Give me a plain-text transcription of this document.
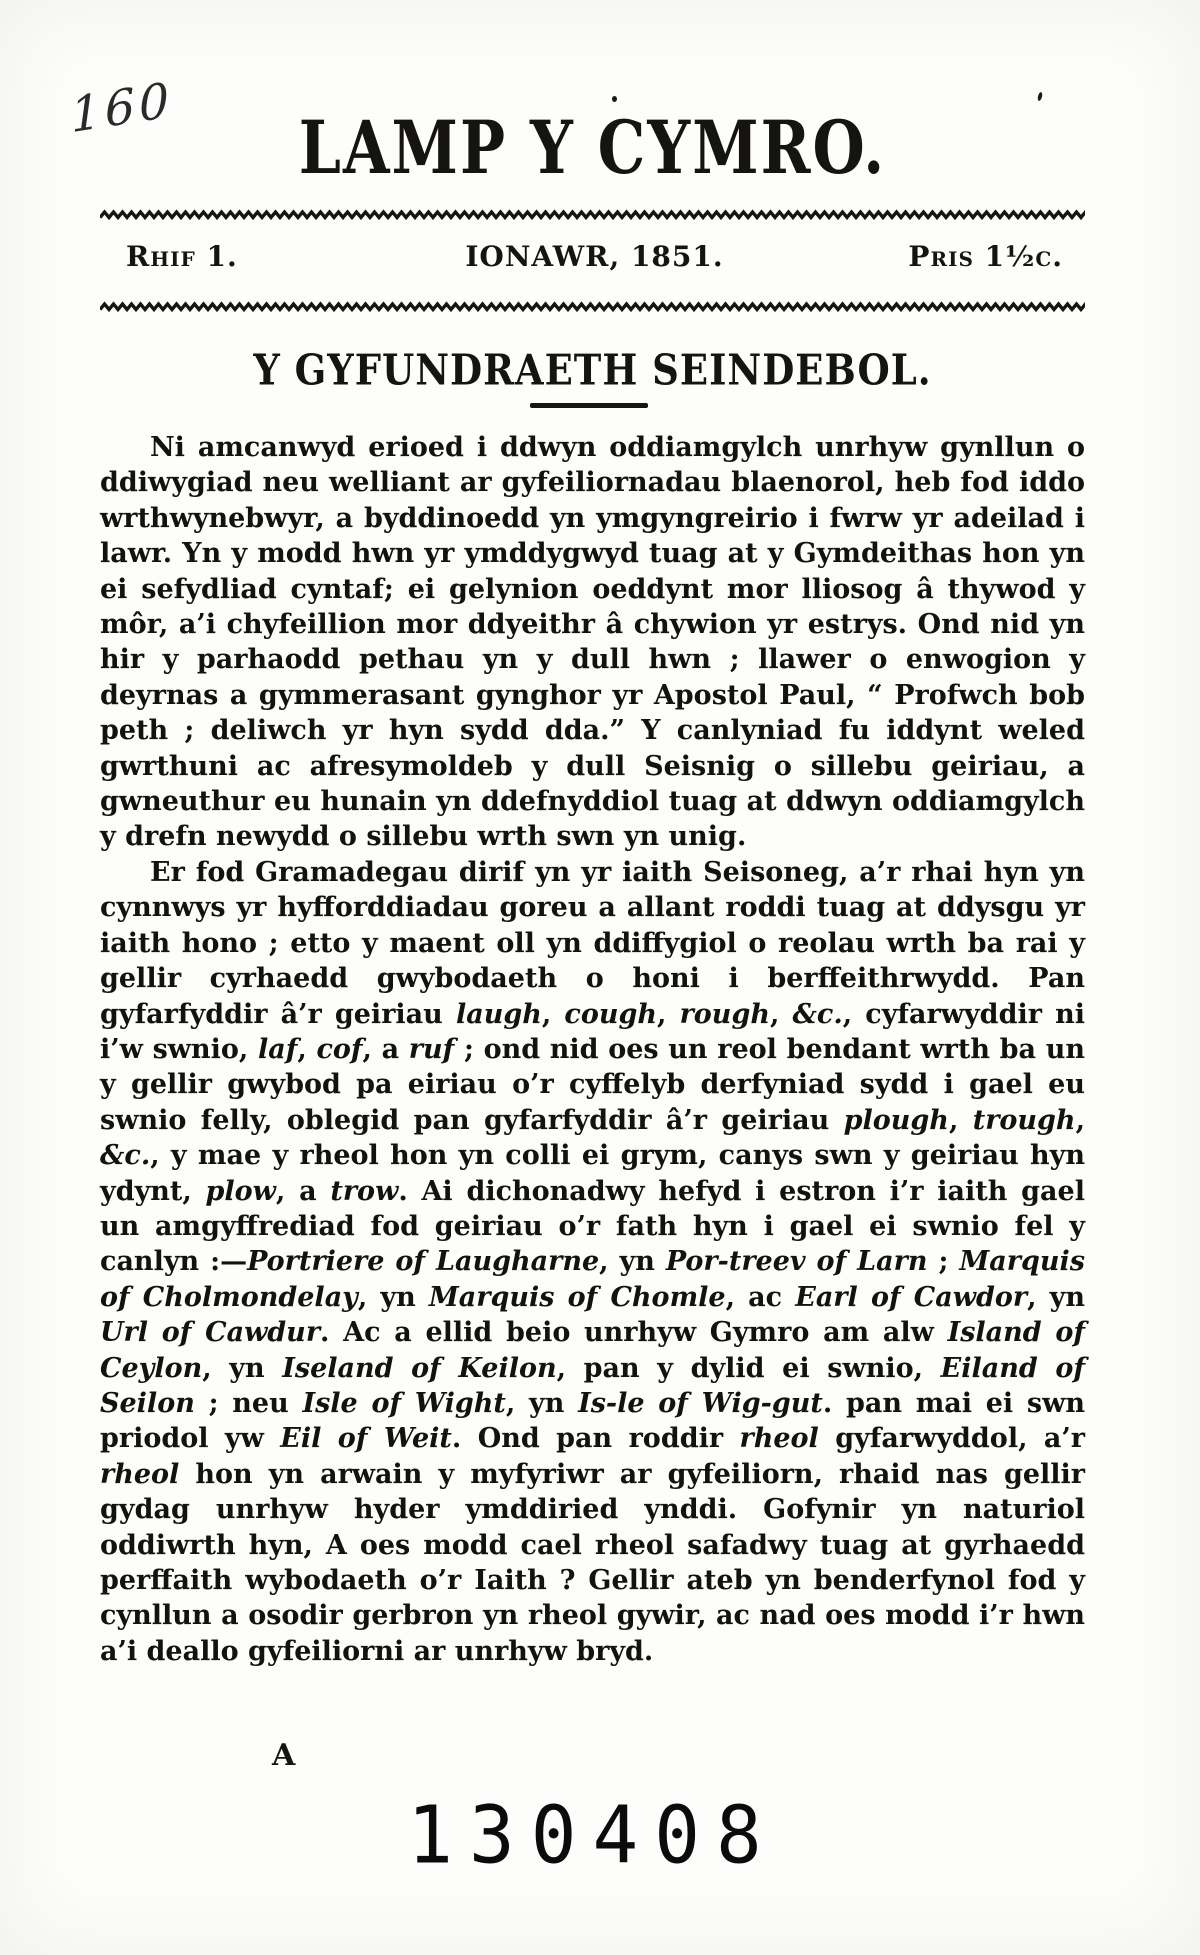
160	LAMP Y CYMRO.
Rhif 1.	IONAWR, 1851.	Pris 1½c.
Y GYFUNDRAETH SEINDEBOL.

Ni amcanwyd erioed i ddwyn oddiamgylch unrhyw gynllun o ddiwygiad neu welliant ar gyfeiliornadau blaenorol, heb fod iddo wrthwynebwyr, a byddinoedd yn ymgyngreirio i fwrw yr adeilad i lawr. Yn y modd hwn yr ymddygwyd tuag at y Gymdeithas hon yn ei sefydliad cyntaf; ei gelynion oeddynt mor lliosog â thywod y môr, a’i chyfeillion mor ddyeithr â chywion yr estrys. Ond nid yn hir y parhaodd pethau yn y dull hwn ; llawer o enwogion y deyrnas a gymmerasant gynghor yr Apostol Paul, “ Profwch bob peth ; deliwch yr hyn sydd dda.” Y canlyniad fu iddynt weled gwrthuni ac afresymoldeb y dull Seisnig o sillebu geiriau, a gwneuthur eu hunain yn ddefnyddiol tuag at ddwyn oddiamgylch y drefn newydd o sillebu wrth swn yn unig.

Er fod Gramadegau dirif yn yr iaith Seisoneg, a’r rhai hyn yn cynnwys yr hyfforddiadau goreu a allant roddi tuag at ddysgu yr iaith hono ; etto y maent oll yn ddiffygiol o reolau wrth ba rai y gellir cyrhaedd gwybodaeth o honi i berffeithrwydd. Pan gyfarfyddir â’r geiriau laugh, cough, rough, &c., cyfarwyddir ni i’w swnio, laf, cof, a ruf ; ond nid oes un reol bendant wrth ba un y gellir gwybod pa eiriau o’r cyffelyb derfyniad sydd i gael eu swnio felly, oblegid pan gyfarfyddir â’r geiriau plough, trough, &c., y mae y rheol hon yn colli ei grym, canys swn y geiriau hyn ydynt, plow, a trow. Ai dichonadwy hefyd i estron i’r iaith gael un amgyffrediad fod geiriau o’r fath hyn i gael ei swnio fel y canlyn :—Portriere of Laugharne, yn Por-treev of Larn ; Marquis of Cholmondelay, yn Marquis of Chomle, ac Earl of Cawdor, yn Url of Cawdur. Ac a ellid beio unrhyw Gymro am alw Island of Ceylon, yn Iseland of Keilon, pan y dylid ei swnio, Eiland of Seilon ; neu Isle of Wight, yn Is-le of Wig-gut. pan mai ei swn priodol yw Eil of Weit. Ond pan roddir rheol gyfarwyddol, a’r rheol hon yn arwain y myfyriwr ar gyfeiliorn, rhaid nas gellir gydag unrhyw hyder ymddiried ynddi. Gofynir yn naturiol oddiwrth hyn, A oes modd cael rheol safadwy tuag at gyrhaedd perffaith wybodaeth o’r Iaith ? Gellir ateb yn benderfynol fod y cynllun a osodir gerbron yn rheol gywir, ac nad oes modd i’r hwn a’i deallo gyfeiliorni ar unrhyw bryd.

A
130408
